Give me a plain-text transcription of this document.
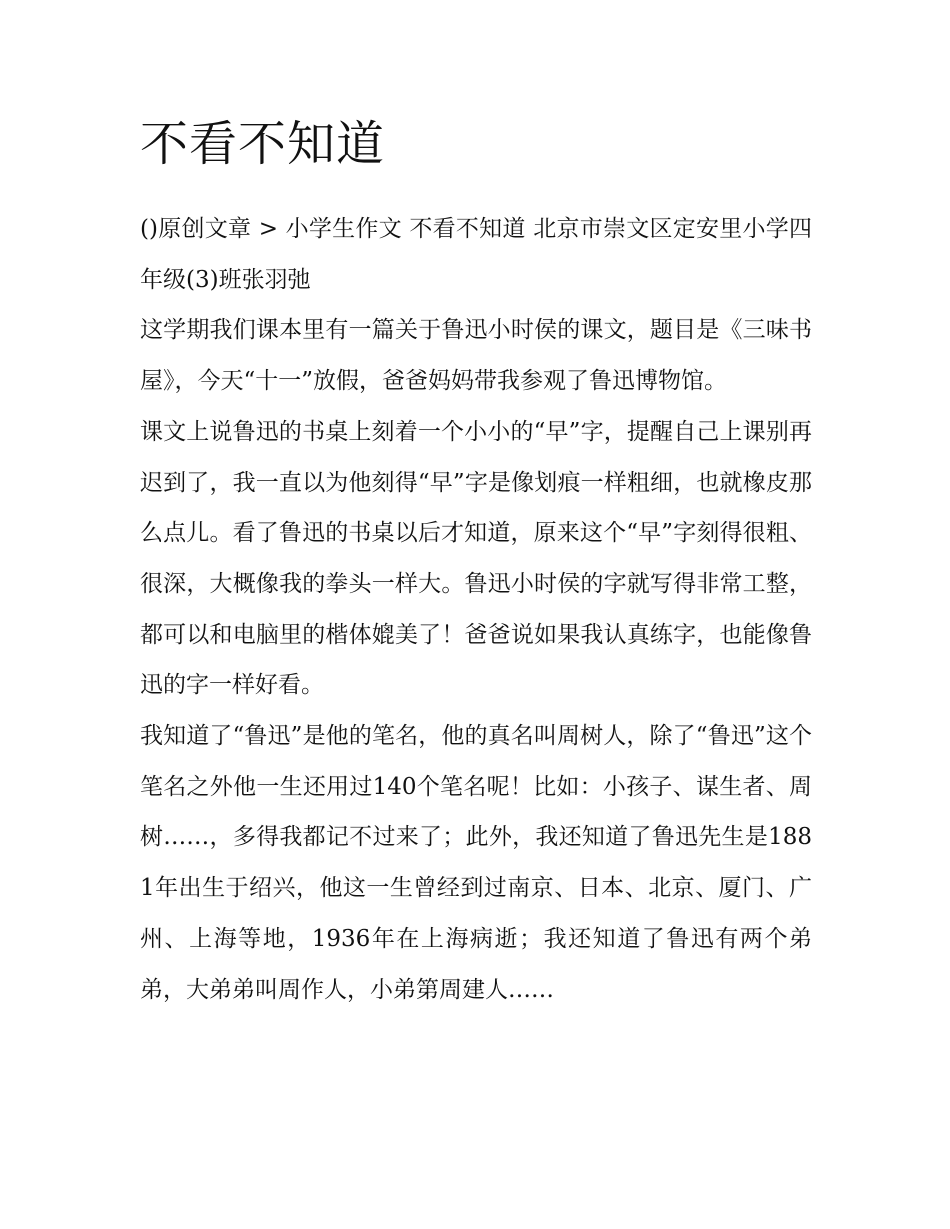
不看不知道

()原创文章 > 小学生作文 不看不知道 北京市崇文区定安里小学四年级(3)班张羽弛

这学期我们课本里有一篇关于鲁迅小时侯的课文，题目是《三味书屋》，今天“十一”放假，爸爸妈妈带我参观了鲁迅博物馆。

课文上说鲁迅的书桌上刻着一个小小的“早”字，提醒自己上课别再迟到了，我一直以为他刻得“早”字是像划痕一样粗细，也就橡皮那么点儿。看了鲁迅的书桌以后才知道，原来这个“早”字刻得很粗、很深，大概像我的拳头一样大。鲁迅小时侯的字就写得非常工整，都可以和电脑里的楷体媲美了！爸爸说如果我认真练字，也能像鲁迅的字一样好看。

我知道了“鲁迅”是他的笔名，他的真名叫周树人，除了“鲁迅”这个笔名之外他一生还用过140个笔名呢！比如：小孩子、谋生者、周树……，多得我都记不过来了；此外，我还知道了鲁迅先生是1881年出生于绍兴，他这一生曾经到过南京、日本、北京、厦门、广州、上海等地，1936年在上海病逝；我还知道了鲁迅有两个弟弟，大弟弟叫周作人，小弟第周建人……
